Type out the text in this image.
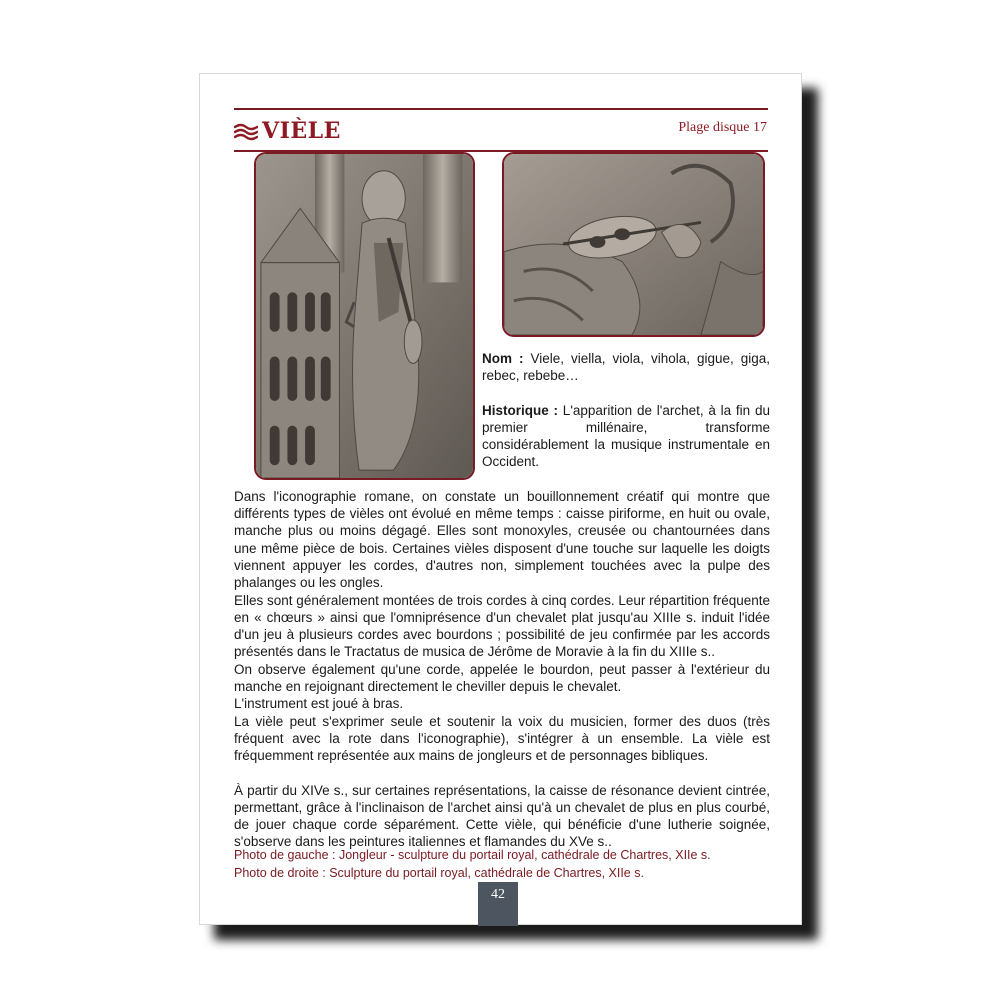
VIÈLE	Plage disque 17

Nom : Viele, viella, viola, vihola, gigue, giga, rebec, rebebe…

Historique : L'apparition de l'archet, à la fin du premier millénaire, transforme considérablement la musique instrumentale en Occident.

Dans l'iconographie romane, on constate un bouillonnement créatif qui montre que différents types de vièles ont évolué en même temps : caisse piriforme, en huit ou ovale, manche plus ou moins dégagé. Elles sont monoxyles, creusée ou chantournées dans une même pièce de bois. Certaines vièles disposent d'une touche sur laquelle les doigts viennent appuyer les cordes, d'autres non, simplement touchées avec la pulpe des phalanges ou les ongles.

Elles sont généralement montées de trois cordes à cinq cordes. Leur répartition fréquente en « chœurs » ainsi que l'omniprésence d'un chevalet plat jusqu'au XIIIe s. induit l'idée d'un jeu à plusieurs cordes avec bourdons ; possibilité de jeu confirmée par les accords présentés dans le Tractatus de musica de Jérôme de Moravie à la fin du XIIIe s..

On observe également qu'une corde, appelée le bourdon, peut passer à l'extérieur du manche en rejoignant directement le cheviller depuis le chevalet.

L'instrument est joué à bras.

La vièle peut s'exprimer seule et soutenir la voix du musicien, former des duos (très fréquent avec la rote dans l'iconographie), s'intégrer à un ensemble. La vièle est fréquemment représentée aux mains de jongleurs et de personnages bibliques.

À partir du XIVe s., sur certaines représentations, la caisse de résonance devient cintrée, permettant, grâce à l'inclinaison de l'archet ainsi qu'à un chevalet de plus en plus courbé, de jouer chaque corde séparément. Cette vièle, qui bénéficie d'une lutherie soignée, s'observe dans les peintures italiennes et flamandes du XVe s..

Photo de gauche : Jongleur - sculpture du portail royal, cathédrale de Chartres, XIIe s.
Photo de droite : Sculpture du portail royal, cathédrale de Chartres, XIIe s.
42
